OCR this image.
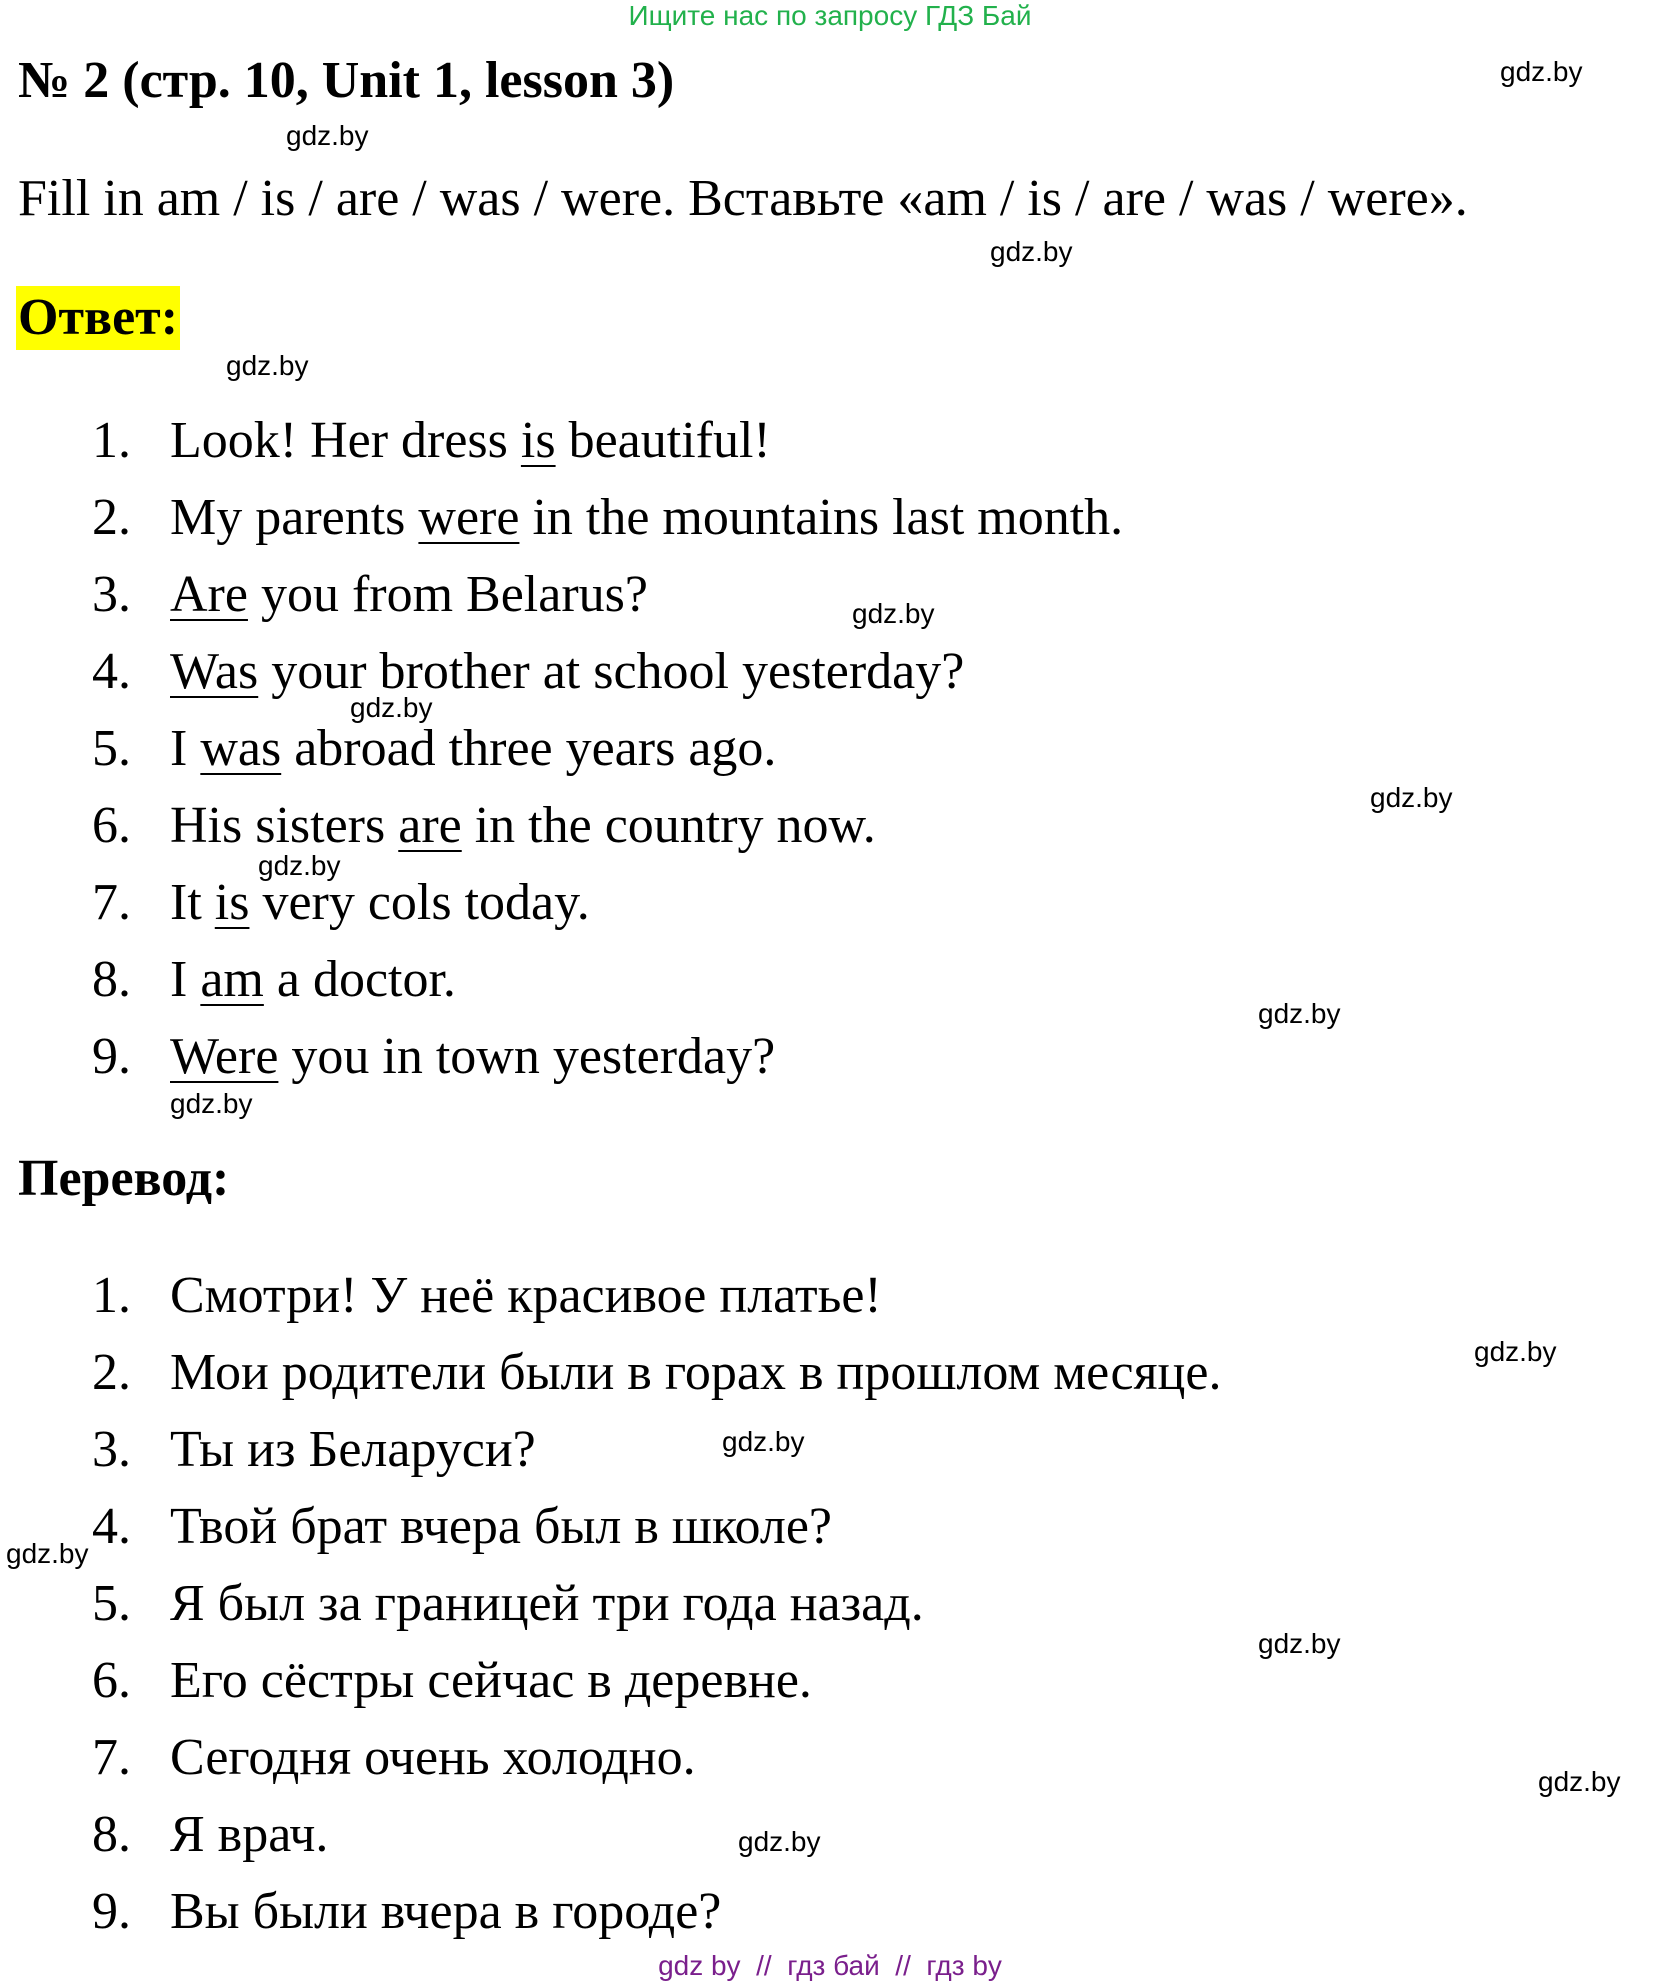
Ищите нас по запросу ГДЗ Бай
№ 2 (стр. 10, Unit 1, lesson 3)
Fill in am / is / are / was / were. Вставьте «am / is / are / was / were».
Ответ:
1. Look! Her dress is beautiful!
2. My parents were in the mountains last month.
3. Are you from Belarus?
4. Was your brother at school yesterday?
5. I was abroad three years ago.
6. His sisters are in the country now.
7. It is very cols today.
8. I am a doctor.
9. Were you in town yesterday?
Перевод:
1. Смотри! У неё красивое платье!
2. Мои родители были в горах в прошлом месяце.
3. Ты из Беларуси?
4. Твой брат вчера был в школе?
5. Я был за границей три года назад.
6. Его сёстры сейчас в деревне.
7. Сегодня очень холодно.
8. Я врач.
9. Вы были вчера в городе?
gdz.by
gdz.by
gdz.by
gdz.by
gdz.by
gdz.by
gdz.by
gdz.by
gdz.by
gdz.by
gdz.by
gdz.by
gdz.by
gdz.by
gdz.by
gdz.by
gdz by  //  гдз бай  //  гдз by
